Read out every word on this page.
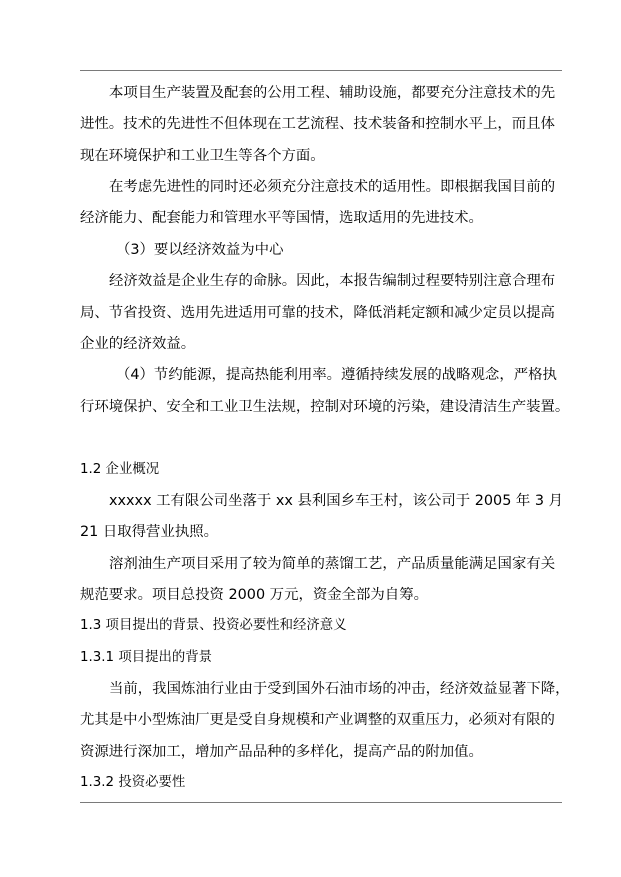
本项目生产装置及配套的公用工程、辅助设施，都要充分注意技术的先
进性。技术的先进性不但体现在工艺流程、技术装备和控制水平上，而且体
现在环境保护和工业卫生等各个方面。
在考虑先进性的同时还必须充分注意技术的适用性。即根据我国目前的
经济能力、配套能力和管理水平等国情，选取适用的先进技术。
（3）要以经济效益为中心
经济效益是企业生存的命脉。因此，本报告编制过程要特别注意合理布
局、节省投资、选用先进适用可靠的技术，降低消耗定额和减少定员以提高
企业的经济效益。
（4）节约能源，提高热能利用率。遵循持续发展的战略观念，严格执
行环境保护、安全和工业卫生法规，控制对环境的污染，建设清洁生产装置。
1.2 企业概况
xxxxx 工有限公司坐落于 xx 县利国乡车王村，该公司于 2005 年 3 月
21 日取得营业执照。
溶剂油生产项目采用了较为简单的蒸馏工艺，产品质量能满足国家有关
规范要求。项目总投资 2000 万元，资金全部为自筹。
1.3 项目提出的背景、投资必要性和经济意义
1.3.1 项目提出的背景
当前，我国炼油行业由于受到国外石油市场的冲击，经济效益显著下降，
尤其是中小型炼油厂更是受自身规模和产业调整的双重压力，必须对有限的
资源进行深加工，增加产品品种的多样化，提高产品的附加值。
1.3.2 投资必要性
